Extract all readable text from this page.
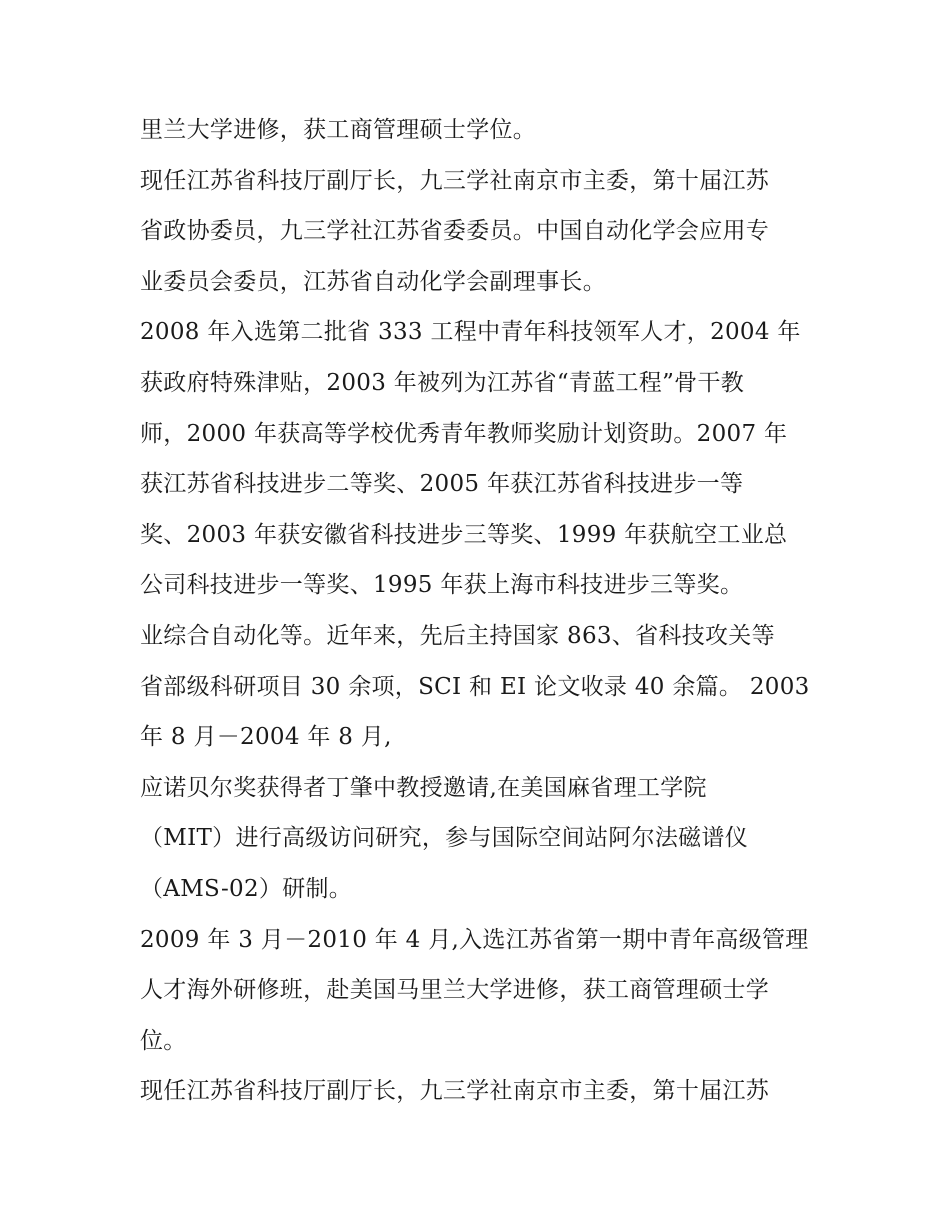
里兰大学进修，获工商管理硕士学位。
现任江苏省科技厅副厅长，九三学社南京市主委，第十届江苏
省政协委员，九三学社江苏省委委员。中国自动化学会应用专
业委员会委员，江苏省自动化学会副理事长。
2008 年入选第二批省 333 工程中青年科技领军人才，2004 年
获政府特殊津贴，2003 年被列为江苏省“青蓝工程”骨干教
师，2000 年获高等学校优秀青年教师奖励计划资助。2007 年
获江苏省科技进步二等奖、2005 年获江苏省科技进步一等
奖、2003 年获安徽省科技进步三等奖、1999 年获航空工业总
公司科技进步一等奖、1995 年获上海市科技进步三等奖。
业综合自动化等。近年来，先后主持国家 863、省科技攻关等
省部级科研项目 30 余项，SCI 和 EI 论文收录 40 余篇。 2003
年 8 月－2004 年 8 月,
应诺贝尔奖获得者丁肇中教授邀请,在美国麻省理工学院
（MIT）进行高级访问研究，参与国际空间站阿尔法磁谱仪
（AMS-02）研制。
2009 年 3 月－2010 年 4 月,入选江苏省第一期中青年高级管理
人才海外研修班，赴美国马里兰大学进修，获工商管理硕士学
位。
现任江苏省科技厅副厅长，九三学社南京市主委，第十届江苏
